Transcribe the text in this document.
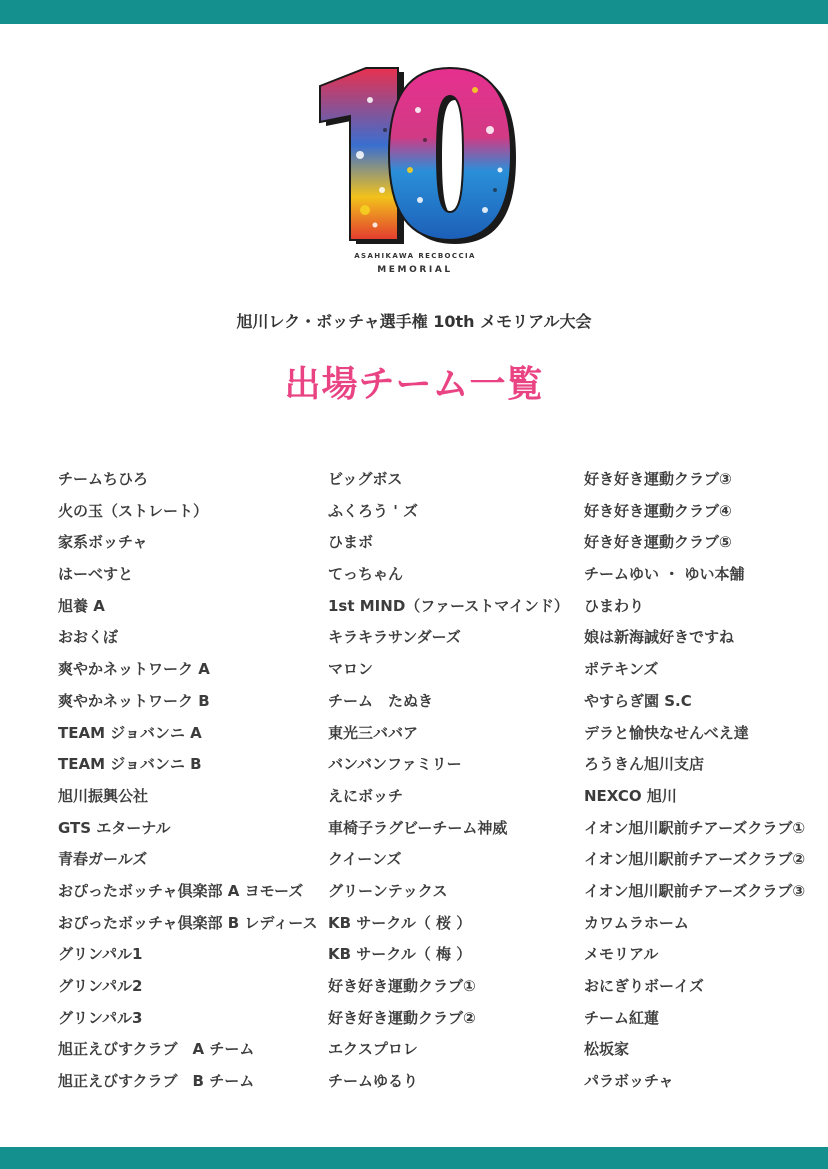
ASAHIKAWA RECBOCCIA
MEMORIAL
旭川レク・ボッチャ選手権 10th メモリアル大会
出場チーム一覧
チームちひろ
火の玉（ストレート）
家系ボッチャ
はーべすと
旭養 A
おおくぼ
爽やかネットワーク A
爽やかネットワーク B
TEAM ジョバンニ A
TEAM ジョバンニ B
旭川振興公社
GTS エターナル
青春ガールズ
おぴったボッチャ倶楽部 A ヨモーズ
おぴったボッチャ倶楽部 B レディース
グリンパル1
グリンパル2
グリンパル3
旭正えびすクラブ　A チーム
旭正えびすクラブ　B チーム
ビッグボス
ふくろう ' ズ
ひまボ
てっちゃん
1st MIND（ファーストマインド）
キラキラサンダーズ
マロン
チーム　たぬき
東光三ババア
バンバンファミリー
えにボッチ
車椅子ラグビーチーム神威
クイーンズ
グリーンテックス
KB サークル（ 桜 ）
KB サークル（ 梅 ）
好き好き運動クラブ①
好き好き運動クラブ②
エクスプロレ
チームゆるり
好き好き運動クラブ③
好き好き運動クラブ④
好き好き運動クラブ⑤
チームゆい ・ ゆい本舗
ひまわり
娘は新海誠好きですね
ポテキンズ
やすらぎ園 S.C
デラと愉快なせんべえ達
ろうきん旭川支店
NEXCO 旭川
イオン旭川駅前チアーズクラブ①
イオン旭川駅前チアーズクラブ②
イオン旭川駅前チアーズクラブ③
カワムラホーム
メモリアル
おにぎりボーイズ
チーム紅蓮
松坂家
パラボッチャ
